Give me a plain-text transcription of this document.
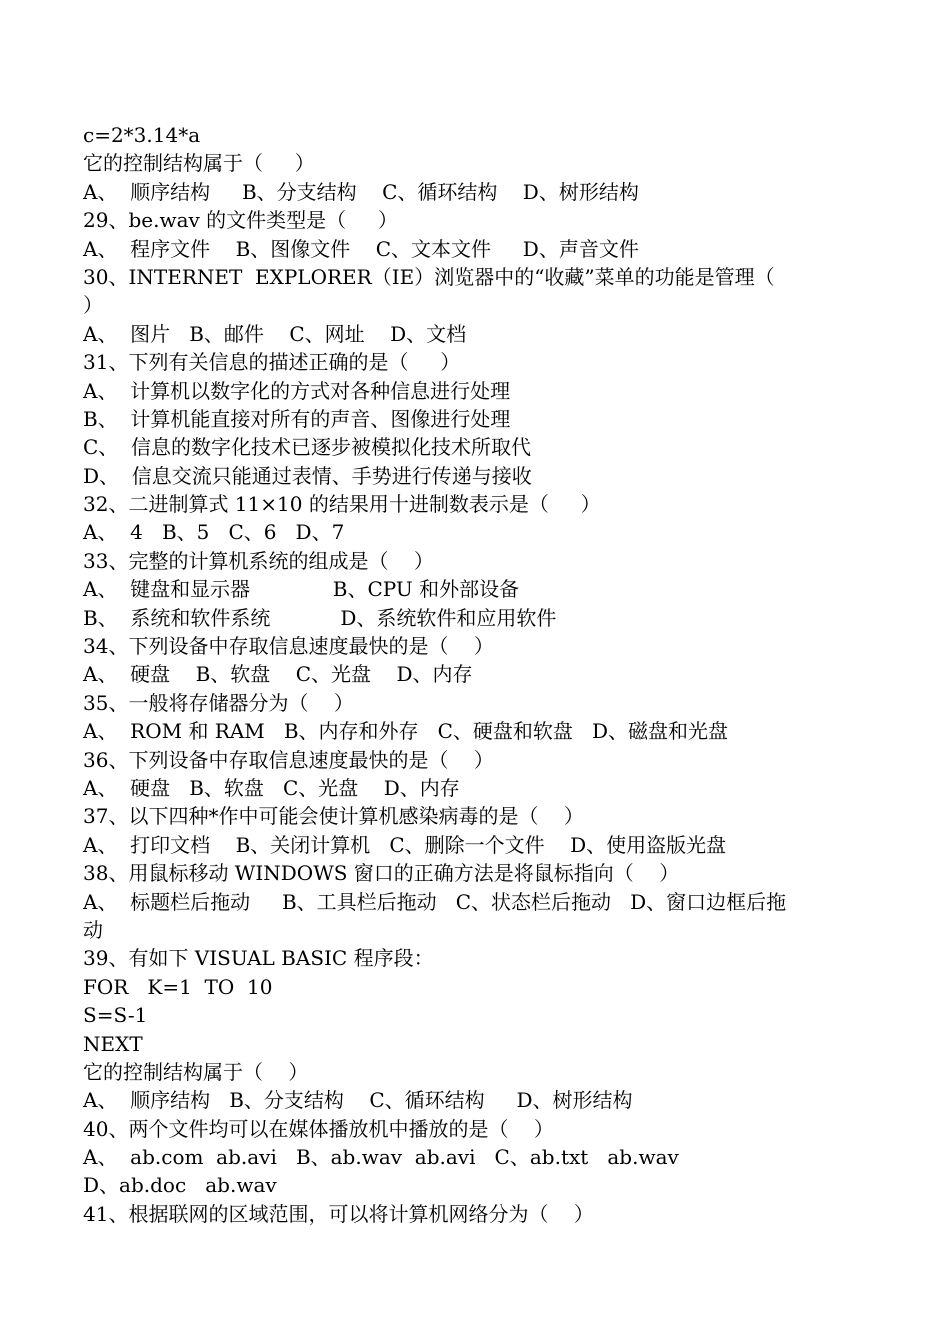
c=2*3.14*a
它的控制结构属于（     ）
A、  顺序结构     B、分支结构    C、循环结构    D、树形结构
29、be.wav 的文件类型是（     ）
A、  程序文件    B、图像文件    C、文本文件     D、声音文件
30、INTERNET  EXPLORER（IE）浏览器中的“收藏”菜单的功能是管理（
）
A、  图片   B、邮件    C、网址    D、文档
31、下列有关信息的描述正确的是（     ）
A、  计算机以数字化的方式对各种信息进行处理
B、  计算机能直接对所有的声音、图像进行处理
C、  信息的数字化技术已逐步被模拟化技术所取代
D、  信息交流只能通过表情、手势进行传递与接收
32、二进制算式 11×10 的结果用十进制数表示是（     ）
A、  4   B、5   C、6   D、7
33、完整的计算机系统的组成是（    ）
A、  键盘和显示器             B、CPU 和外部设备
B、  系统和软件系统           D、系统软件和应用软件
34、下列设备中存取信息速度最快的是（    ）
A、  硬盘    B、软盘    C、光盘    D、内存
35、一般将存储器分为（    ）
A、  ROM 和 RAM   B、内存和外存   C、硬盘和软盘   D、磁盘和光盘
36、下列设备中存取信息速度最快的是（    ）
A、  硬盘   B、软盘   C、光盘    D、内存
37、以下四种*作中可能会使计算机感染病毒的是（    ）
A、  打印文档    B、关闭计算机   C、删除一个文件    D、使用盗版光盘
38、用鼠标移动 WINDOWS 窗口的正确方法是将鼠标指向（    ）
A、  标题栏后拖动     B、工具栏后拖动   C、状态栏后拖动   D、窗口边框后拖
动
39、有如下 VISUAL BASIC 程序段：
FOR   K=1  TO  10
S=S-1
NEXT
它的控制结构属于（    ）
A、  顺序结构   B、分支结构    C、循环结构     D、树形结构
40、两个文件均可以在媒体播放机中播放的是（    ）
A、  ab.com  ab.avi   B、ab.wav  ab.avi   C、ab.txt   ab.wav
D、ab.doc   ab.wav
41、根据联网的区域范围，可以将计算机网络分为（    ）
